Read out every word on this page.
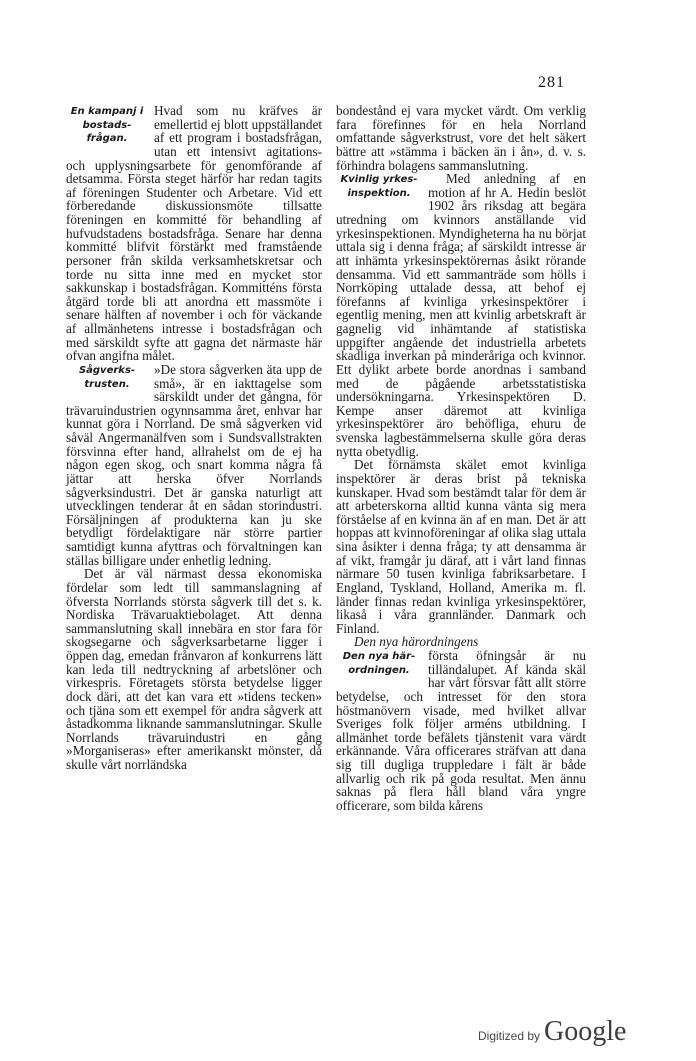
281
En kampanj i bostads-frågan.

Hvad som nu kräfves är emellertid ej blott uppställandet af ett program i bostadsfrågan, utan ett intensivt agitations- och upplysningsarbete för genomförande af detsamma. Första steget härför har redan tagits af föreningen Studenter och Arbetare. Vid ett förberedande diskussionsmöte tillsatte föreningen en kommitté för behandling af hufvudstadens bostadsfråga. Senare har denna kommitté blifvit förstärkt med framstående personer från skilda verksamhetskretsar och torde nu sitta inne med en mycket stor sakkunskap i bostadsfrågan. Kommitténs första åtgärd torde bli att anordna ett massmöte i senare hälften af november i och för väckande af allmänhetens intresse i bostadsfrågan och med särskildt syfte att gagna det närmaste här ofvan angifna målet.

Sågverks-trusten.

»De stora sågverken äta upp de små», är en iakttagelse som särskildt under det gångna, för trävaruindustrien ogynnsamma året, enhvar har kunnat göra i Norrland. De små sågverken vid såväl Angermanälfven som i Sundsvallstrakten försvinna efter hand, allrahelst om de ej ha någon egen skog, och snart komma några få jättar att herska öfver Norrlands sågverksindustri. Det är ganska naturligt att utvecklingen tenderar åt en sådan storindustri. Försäljningen af produkterna kan ju ske betydligt fördelaktigare när större partier samtidigt kunna afyttras och förvaltningen kan ställas billigare under enhetlig ledning.

Det är väl närmast dessa ekonomiska fördelar som ledt till sammanslagning af öfversta Norrlands största sågverk till det s. k. Nordiska Trävaruaktiebolaget. Att denna sammanslutning skall innebära en stor fara för skogsegarne och sågverksarbetarne ligger i öppen dag, emedan frånvaron af konkurrens lätt kan leda till nedtryckning af arbetslöner och virkespris. Företagets största betydelse ligger dock däri, att det kan vara ett »tidens tecken» och tjäna som ett exempel för andra sågverk att åstadkomma liknande sammanslutningar. Skulle Norrlands trävaruindustri en gång »Morganiseras» efter amerikanskt mönster, då skulle vårt norrländska

bondestånd ej vara mycket värdt. Om verklig fara förefinnes för en hela Norrland omfattande sågverkstrust, vore det helt säkert bättre att »stämma i bäcken än i ån», d. v. s. förhindra bolagens sammanslutning.

Kvinlig yrkes-inspektion.

Med anledning af en motion af hr A. Hedin beslöt 1902 års riksdag att begära utredning om kvinnors anställande vid yrkesinspektionen. Myndigheterna ha nu börjat uttala sig i denna fråga; af särskildt intresse är att inhämta yrkesinspektörernas åsikt rörande densamma. Vid ett sammanträde som hölls i Norrköping uttalade dessa, att behof ej förefanns af kvinliga yrkesinspektörer i egentlig mening, men att kvinlig arbetskraft är gagnelig vid inhämtande af statistiska uppgifter angående det industriella arbetets skadliga inverkan på minderåriga och kvinnor. Ett dylikt arbete borde anordnas i samband med de pågående arbetsstatistiska undersökningarna. Yrkesinspektören D. Kempe anser däremot att kvinliga yrkesinspektörer äro behöfliga, ehuru de svenska lagbestämmelserna skulle göra deras nytta obetydlig.

Det förnämsta skälet emot kvinliga inspektörer är deras brist på tekniska kunskaper. Hvad som bestämdt talar för dem är att arbeterskorna alltid kunna vänta sig mera förståelse af en kvinna än af en man. Det är att hoppas att kvinnoföreningar af olika slag uttala sina åsikter i denna fråga; ty att densamma är af vikt, framgår ju däraf, att i vårt land finnas närmare 50 tusen kvinliga fabriksarbetare. I England, Tyskland, Holland, Amerika m. fl. länder finnas redan kvinliga yrkesinspektörer, likaså i våra grannländer. Danmark och Finland.

Den nya härordningens

Den nya här-ordningen.

första öfningsår är nu tilländalupet. Af kända skäl har vårt försvar fått allt större betydelse, och intresset för den stora höstmanövern visade, med hvilket allvar Sveriges folk följer arméns utbildning. I allmänhet torde befälets tjänstenit vara värdt erkännande. Våra officerares sträfvan att dana sig till dugliga truppledare i fält är både allvarlig och rik på goda resultat. Men ännu saknas på flera håll bland våra yngre officerare, som bilda kårens

Digitized by Google
